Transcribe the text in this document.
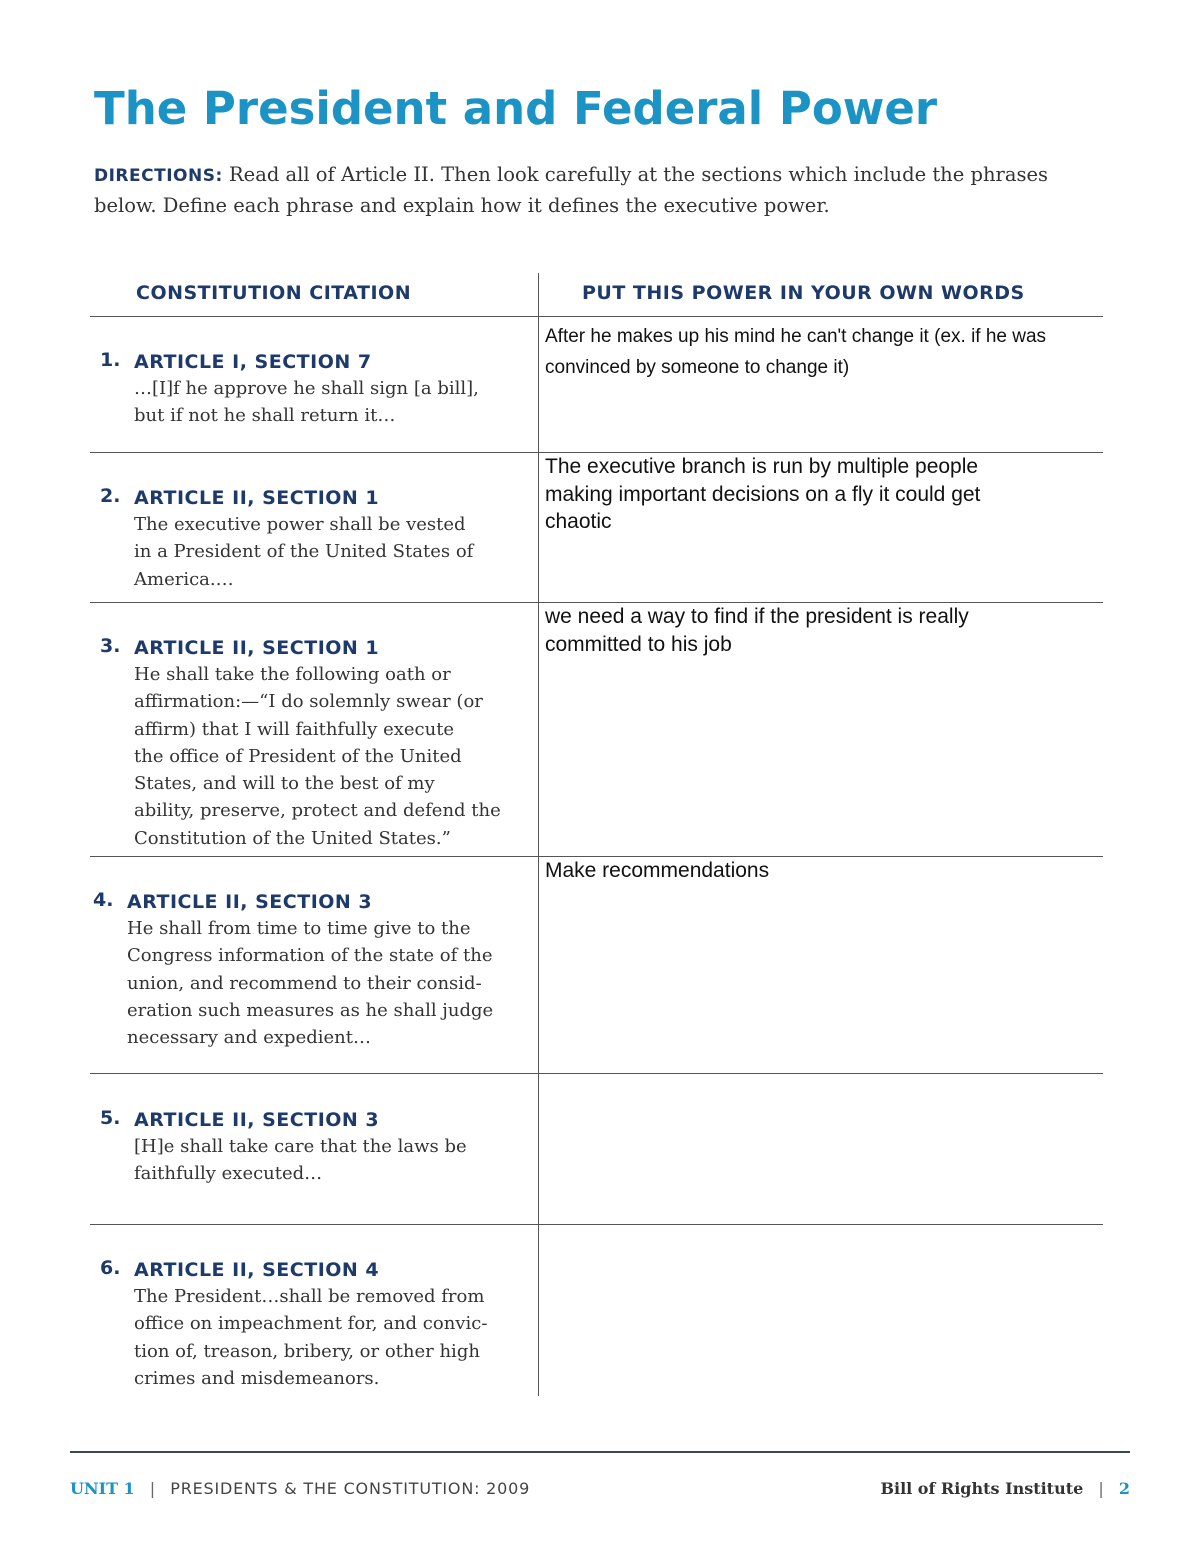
The President and Federal Power
DIRECTIONS: Read all of Article II. Then look carefully at the sections which include the phrases below. Define each phrase and explain how it defines the executive power.
CONSTITUTION CITATION	PUT THIS POWER IN YOUR OWN WORDS
1. ARTICLE I, SECTION 7
…[I]f he approve he shall sign [a bill],
but if not he shall return it…
After he makes up his mind he can't change it (ex. if he was
convinced by someone to change it)
2. ARTICLE II, SECTION 1
The executive power shall be vested
in a President of the United States of
America.…
The executive branch is run by multiple people
making important decisions on a fly it could get
chaotic
3. ARTICLE II, SECTION 1
He shall take the following oath or
affirmation:—“I do solemnly swear (or
affirm) that I will faithfully execute
the office of President of the United
States, and will to the best of my
ability, preserve, protect and defend the
Constitution of the United States.”
we need a way to find if the president is really
committed to his job
4. ARTICLE II, SECTION 3
He shall from time to time give to the
Congress information of the state of the
union, and recommend to their consid-
eration such measures as he shall judge
necessary and expedient…
Make recommendations
5. ARTICLE II, SECTION 3
[H]e shall take care that the laws be
faithfully executed…
6. ARTICLE II, SECTION 4
The President…shall be removed from
office on impeachment for, and convic-
tion of, treason, bribery, or other high
crimes and misdemeanors.
UNIT 1 | PRESIDENTS & THE CONSTITUTION: 2009	Bill of Rights Institute | 2
